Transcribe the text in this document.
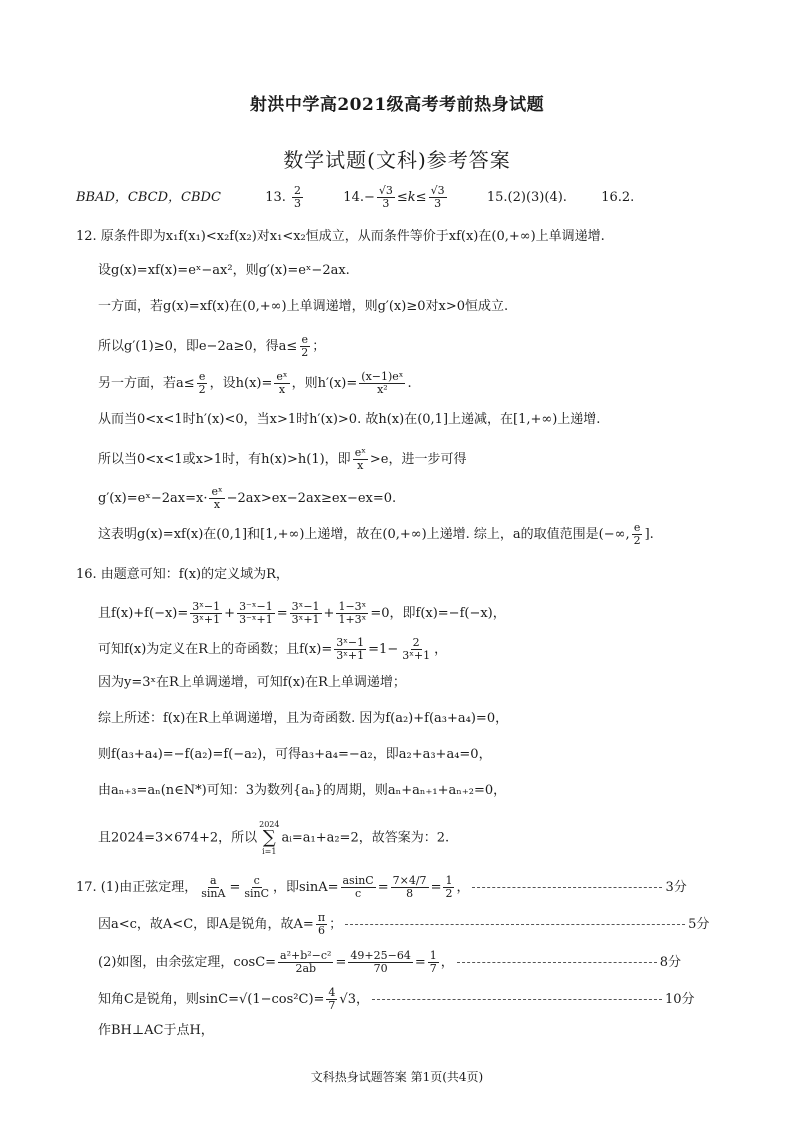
射洪中学高2021级高考考前热身试题
数学试题(文科)参考答案
BBAD，CBCD，CBDC	13. $\frac{2}{3}$	$14.- \frac{√3}{3} \le k\le \frac{√3}{3}$	15.(2)(3)(4).	16.2.
12. 原条件即为x₁f(x₁)<x₂f(x₂)对x₁<x₂恒成立，从而条件等价于xf(x)在(0,+∞)上单调递增.
设g(x)=xf(x)=eˣ−ax²，则g′(x)=eˣ−2ax.
一方面，若g(x)=xf(x)在(0,+∞)上单调递增，则g′(x)≥0对x>0恒成立.
所以g′(1)≥0，即e−2a≥0，得$a\le \frac{e}{2}$ ；
另一方面，若$a\le \frac{e}{2}$ ，设$h(x)= \frac{\text{eˣ}}{x}$ ，则$h'(x)= \frac{\text{(x−1)eˣ}}{\text{x²}}$ .
从而当0<x<1时h′(x)<0，当x>1时h′(x)>0. 故h(x)在(0,1]上递减，在[1,+∞)上递增.
所以当0<x<1或x>1时，有h(x)>h(1)，即 $\frac{\text{eˣ}}{x} >e$，进一步可得
g′(x)=eˣ−2ax=x· $\frac{\text{eˣ}}{x} -2ax>ex-2ax\ge ex-ex=0$.
这表明g(x)=xf(x)在(0,1]和[1,+∞)上递增，故在(0,+∞)上递增. 综上，a的取值范围是(−∞, $\frac{e}{2}$ ].
16. 由题意可知：f(x)的定义域为R，
且$f(x)+f(-x)= \frac{\text{3ˣ−1}}{\text{3ˣ+1}} + \frac{\text{3⁻ˣ−1}}{\text{3⁻ˣ+1}} = \frac{\text{3ˣ−1}}{\text{3ˣ+1}} + \frac{\text{1−3ˣ}}{\text{1+3ˣ}} =0$，即f(x)=−f(−x)，
可知f(x)为定义在R上的奇函数；且$f(x)= \frac{\text{3ˣ−1}}{\text{3ˣ+1}} =1- \frac{2}{\text{3ˣ+1}}$ ，
因为y=3ˣ在R上单调递增，可知f(x)在R上单调递增；
综上所述：f(x)在R上单调递增，且为奇函数. 因为f(a₂)+f(a₃+a₄)=0，
则f(a₃+a₄)=−f(a₂)=f(−a₂)，可得a₃+a₄=−a₂，即a₂+a₃+a₄=0，
由aₙ₊₃=aₙ(n∈N*)可知：3为数列{aₙ}的周期，则aₙ+aₙ₊₁+aₙ₊₂=0，
且2024=3×674+2，所以
2024
∑
i=1
aᵢ=a₁+a₂=2，故答案为：2.
17. (1)由正弦定理， $\frac{a}{\sin A} = \frac{c}{\sin C}$ ，即$\sin A= \frac{asinC}{c} = \frac{7\times 4/7}{8} = \frac{1}{2}$ ，	3分
因a<c，故A<C，即A是锐角，故$A= \frac{\pi}{6}$ ；	5分
(2)如图，由余弦定理，$\cos C= \frac{\text{a²+b²−c²}}{2ab} = \frac{49+25-64}{70} = \frac{1}{7}$ ，	8分
知角C是锐角，则$\sin C=√(1-\cos^2C)= \frac{4}{7} √3$，	10分
作BH⊥AC于点H，
文科热身试题答案 第1页(共4页)
